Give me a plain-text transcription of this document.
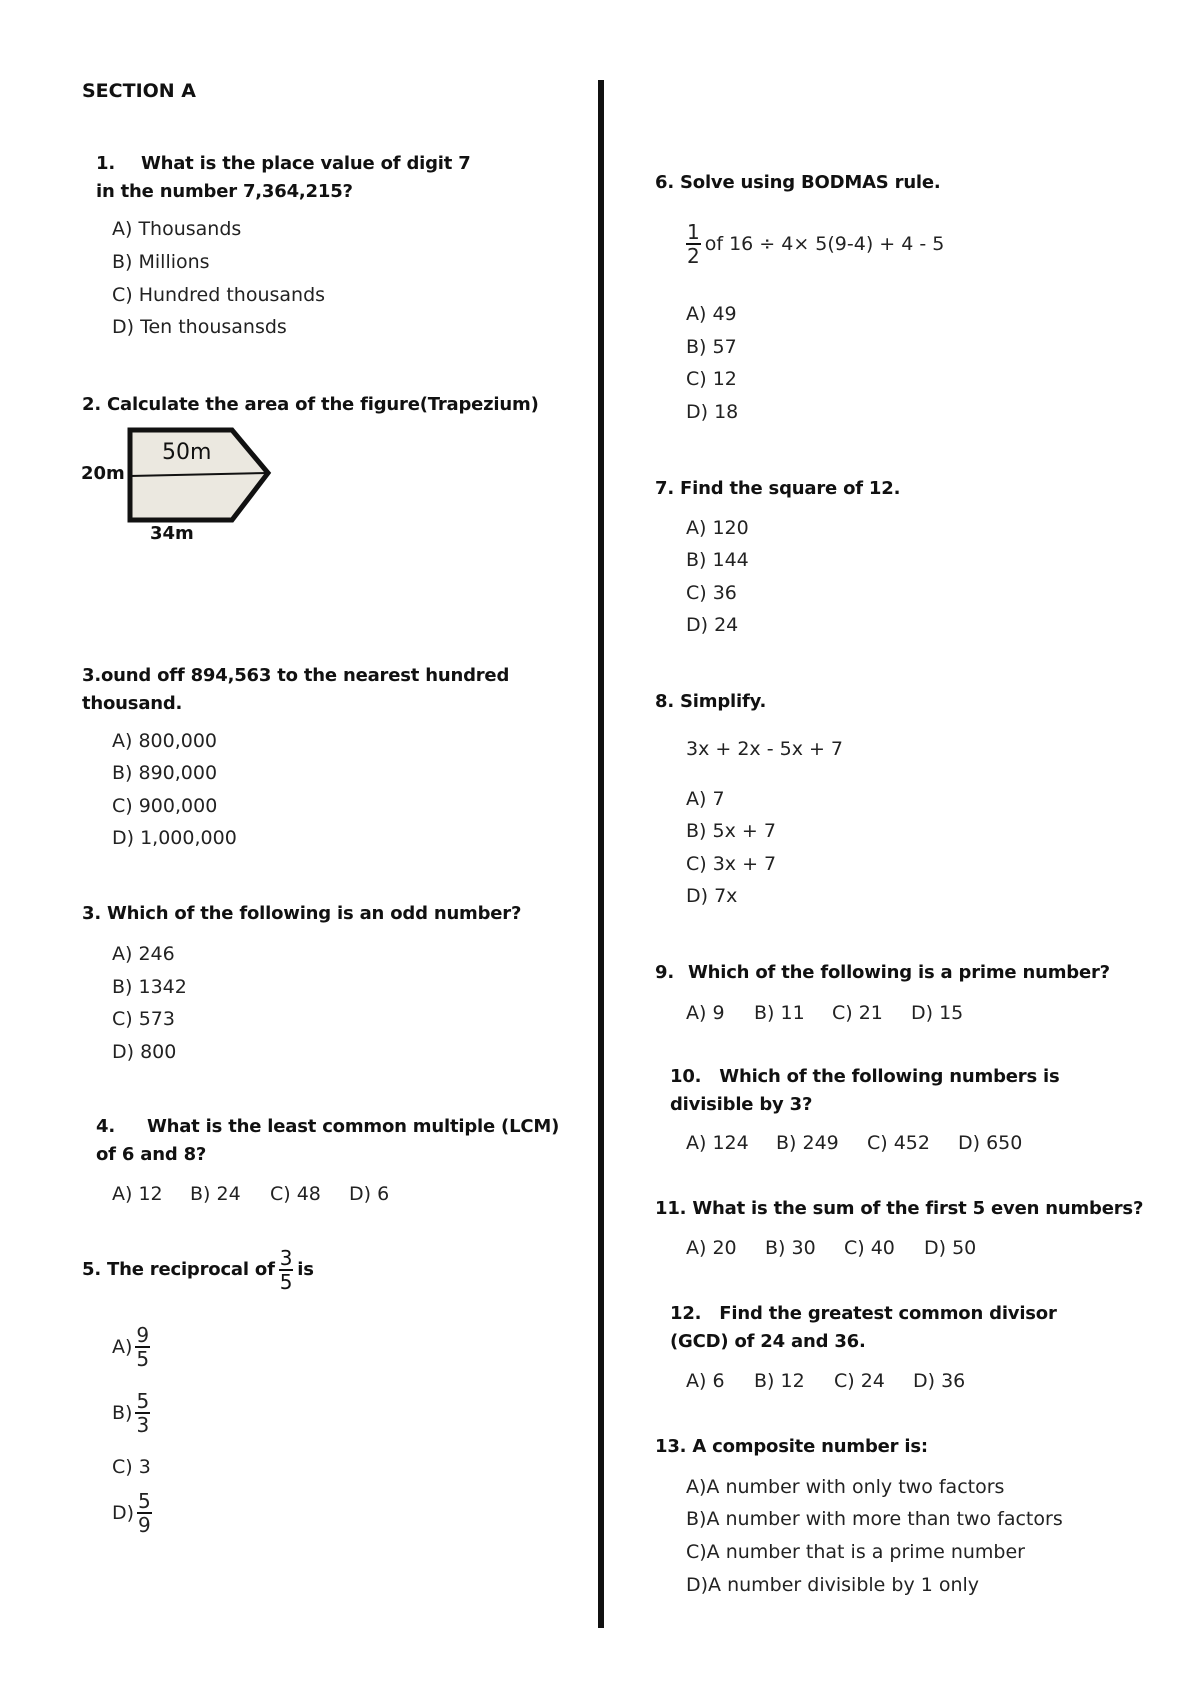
SECTION A
1. What is the place value of digit 7
in the number 7,364,215?
A) Thousands
B) Millions
C) Hundred thousands
D) Ten thousansds
2. Calculate the area of the figure(Trapezium)
50m
20m
34m
3.ound off 894,563 to the nearest hundred
thousand.
A) 800,000
B) 890,000
C) 900,000
D) 1,000,000
3. Which of the following is an odd number?
A) 246
B) 1342
C) 573
D) 800
4. What is the least common multiple (LCM)
of 6 and 8?
A) 12 B) 24 C) 48 D) 6
5. The reciprocal of $\frac{3}{5}$ is
$A) \frac{9}{5}$
$B) \frac{5}{3}$
C) 3
$D) \frac{5}{9}$
6. Solve using BODMAS rule.
$\frac{1}{2}$ of 16 ÷ 4× 5(9-4) + 4 - 5
A) 49
B) 57
C) 12
D) 18
7. Find the square of 12.
A) 120
B) 144
C) 36
D) 24
8. Simplify.
3x + 2x - 5x + 7
A) 7
B) 5x + 7
C) 3x + 7
D) 7x
9. Which of the following is a prime number?
A) 9 B) 11 C) 21 D) 15
10. Which of the following numbers is
divisible by 3?
A) 124 B) 249 C) 452 D) 650
11. What is the sum of the first 5 even numbers?
A) 20 B) 30 C) 40 D) 50
12. Find the greatest common divisor
(GCD) of 24 and 36.
A) 6 B) 12 C) 24 D) 36
13. A composite number is:
A)A number with only two factors
B)A number with more than two factors
C)A number that is a prime number
D)A number divisible by 1 only
